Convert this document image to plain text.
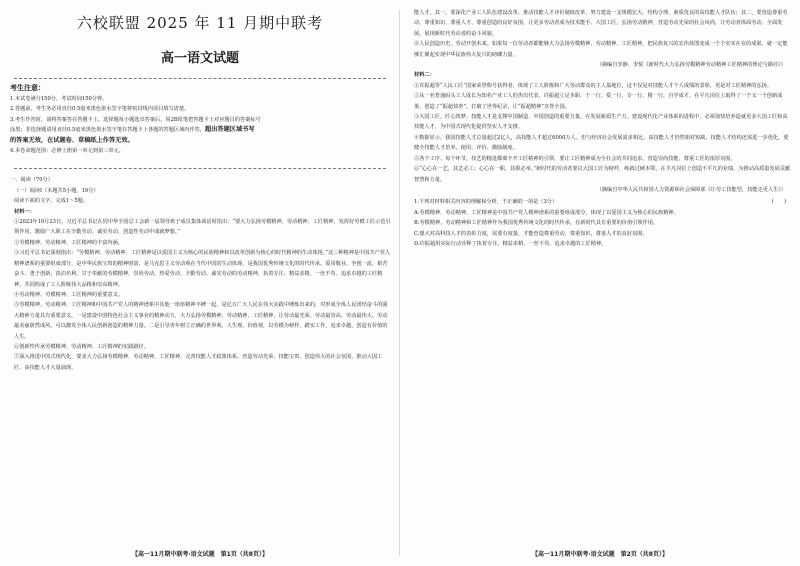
六校联盟 2025 年 11 月期中联考
高一语文试题
考生注意：

1.本试卷满分150分，考试时间150分钟。

2.答题前，考生务必用直径0.5毫米黑色墨水签字笔将密封线内项目填写清楚。

3.考生作答时，请将答案答在答题卡上。选择题每小题选出答案后，用2B铅笔把答题卡上对应题目的答案标号

涂黑；非选择题请用直径0.5毫米黑色墨水签字笔在答题卡上各题的答题区域内作答，超出答题区域书写

的答案无效，在试题卷、草稿纸上作答无效。

4.本卷命题范围：必修上册第一单元到第三单元。

一、阅读（70分）
（一）阅读Ⅰ（本题共5小题，19分）
阅读下面的文字，完成1～5题。
材料一：

①2023年10月23日，习近平总书记在同中华全国总工会新一届领导班子成员集体谈话时指出：“要大力弘扬劳模精神、劳动精神、工匠精神，发挥好劳模工匠示范引领作用，激励广大职工在辛勤劳动、诚实劳动、创造性劳动中成就梦想。”

②劳模精神、劳动精神、工匠精神的丰富内涵。

③习近平总书记深刻指出：“劳模精神、劳动精神、工匠精神是以爱国主义为核心的民族精神和以改革创新为核心的时代精神的生动体现。”这三种精神是中国共产党人精神谱系的重要组成部分，是中华民族宝贵的精神财富，是马克思主义劳动观在当代中国的生动体现，是我国优秀传统文化的时代传承。爱岗敬业、争创一流，艰苦奋斗、勇于创新，淡泊名利、甘于奉献的劳模精神，崇尚劳动、热爱劳动、辛勤劳动、诚实劳动的劳动精神，执着专注、精益求精、一丝不苟、追求卓越的工匠精神，共同构成了工人阶级伟大品格和崇高精神。

④劳动精神、劳模精神、工匠精神的重要意义。

⑤劳模精神、劳动精神、工匠精神和中国共产党人的精神谱系中其他一座座精神丰碑一起，是亿万广大人民在伟大实践中锤炼出来的，对形成全体人民团结奋斗的强大精神力量具有重要意义。一是建设中国特色社会主义事业的精神动力，大力弘扬劳模精神、劳动精神、工匠精神，让劳动最光荣、劳动最崇高、劳动最伟大、劳动最美丽蔚然成风，可以激发全体人民创新创造的精神力量。二是引导青年树立正确的世界观、人生观、价值观，以劳模为榜样，踏实工作，追求卓越，创造有价值的人生。

⑥创新性传承劳模精神、劳动精神、工匠精神的实践路径。

⑦深入推进中国式现代化，要求大力弘扬劳模精神、劳动精神、工匠精神，完善技能人才政策体系，营造劳动光荣、技能宝贵、创造伟大的社会氛围，推动大国工匠、高技能人才大量涌现。

【高一11月期中联考·语文试题　第1页（共8页）】

能人才，其一，要深化产业工人队伍建设改革，推动技能人才评价制度改革，努力建设一支规模宏大、结构合理、素质优良的高技能人才队伍；其二，要营造尊重劳动、尊重知识、尊重人才、尊重创造的良好氛围，让更多劳动者成为技术能手、大国工匠，弘扬劳动精神，营造劳动光荣的社会风尚，让劳动者体面劳动、全面发展，展现新时代劳动者的奋斗风貌。

⑧人民创造历史，劳动开创未来。如果每一位劳动者都能够大力弘扬劳模精神、劳动精神、工匠精神，把民族复兴的宏伟蓝图变成一个个实实在在的成果，就一定能够汇聚起实现中华民族伟大复兴的磅礴力量。

（摘编自李静、李悦《新时代大力弘扬劳模精神劳动精神工匠精神的理论与路径》）
材料二：

①许振超等“人民工匠”国家荣誉称号获得者，体现了工人阶级和广大劳动群众的主人翁地位，这不仅是对技能人才个人成绩的表彰，更是对工匠精神的弘扬。

②从一名普通码头工人成长为知名产业工人的杰出代表，许振超立足本职、干一行、爱一行、专一行、精一行，自学成才，在平凡岗位上取得了一个又一个创新成果，创造了“振超效率”，打破了世界纪录，让“振超精神”享誉全国。

③大国工匠，匠心筑梦。技能人才是支撑中国制造、中国创造的重要力量。在发展新质生产力、建设现代化产业体系的进程中，必须加快培养造就更多大国工匠和高技能人才，为中国式现代化提供坚实人才支撑。

④数据显示，我国技能人才总量超过2亿人，高技能人才超过6000万人。但与经济社会发展需求相比，高技能人才仍然相对短缺，技能人才结构还需进一步优化，要健全技能人才培养、使用、评价、激励制度。

⑤各个工序、每个环节，技艺的精进都离不开工匠精神的引领，要让工匠精神成为全社会的共同追求，营造崇尚技能、尊重工匠的浓厚氛围。

⑥“心心在一艺，其艺必工；心心在一职，其职必举。”新时代的劳动者要以大国工匠为榜样，练就过硬本领，在平凡岗位上创造不平凡的业绩，为推动高质量发展贡献智慧和力量。

（摘编自中华人民共和国人力资源和社会保障部《让劳工技能型，技能走更人生》）
1.下列对材料相关内容的理解和分析，不正确的一项是（3分）	(　　)

A.劳模精神、劳动精神、工匠精神是中国共产党人精神谱系的重要组成部分，体现了以爱国主义为核心的民族精神。

B.劳模精神、劳动精神和工匠精神作为我国优秀传统文化的时代传承，在新时代具有重要的价值引领作用。

C.想大对高科技人才的表彰力度，需要有度量，才能营造尊重劳动，尊重知识，尊重人才的良好氛围。

D.许振超用实际行动诠释了执着专注、精益求精、一丝不苟、追求卓越的工匠精神。

【高一11月期中联考·语文试题　第2页（共8页）】
